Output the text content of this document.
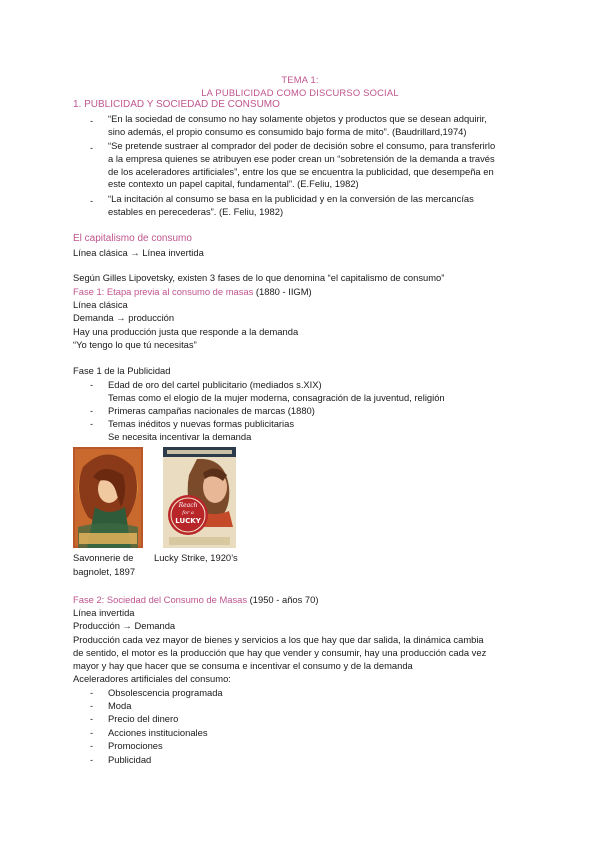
TEMA 1:
LA PUBLICIDAD COMO DISCURSO SOCIAL
1. PUBLICIDAD Y SOCIEDAD DE CONSUMO
- “En la sociedad de consumo no hay solamente objetos y productos que se desean adquirir,
sino además, el propio consumo es consumido bajo forma de mito”. (Baudrillard,1974)
- “Se pretende sustraer al comprador del poder de decisión sobre el consumo, para transferirlo
a la empresa quienes se atribuyen ese poder crean un “sobretensión de la demanda a través
de los aceleradores artificiales”, entre los que se encuentra la publicidad, que desempeña en
este contexto un papel capital, fundamental”. (E.Feliu, 1982)
- “La incitación al consumo se basa en la publicidad y en la conversión de las mercancías
estables en perecederas”. (E. Feliu, 1982)
El capitalismo de consumo
Línea clásica → Línea invertida
Según Gilles Lipovetsky, existen 3 fases de lo que denomina “el capitalismo de consumo”
Fase 1: Etapa previa al consumo de masas (1880 - IIGM)
Línea clásica
Demanda → producción
Hay una producción justa que responde a la demanda
“Yo tengo lo que tú necesitas”
Fase 1 de la Publicidad
- Edad de oro del cartel publicitario (mediados s.XIX)
Temas como el elogio de la mujer moderna, consagración de la juventud, religión
- Primeras campañas nacionales de marcas (1880)
- Temas inéditos y nuevas formas publicitarias
Se necesita incentivar la demanda
Reach
for a
LUCKY
Savonnerie de
bagnolet, 1897
Lucky Strike, 1920’s
Fase 2: Sociedad del Consumo de Masas (1950 - años 70)
Línea invertida
Producción → Demanda
Producción cada vez mayor de bienes y servicios a los que hay que dar salida, la dinámica cambia
de sentido, el motor es la producción que hay que vender y consumir, hay una producción cada vez
mayor y hay que hacer que se consuma e incentivar el consumo y de la demanda
Aceleradores artificiales del consumo:
- Obsolescencia programada
- Moda
- Precio del dinero
- Acciones institucionales
- Promociones
- Publicidad
